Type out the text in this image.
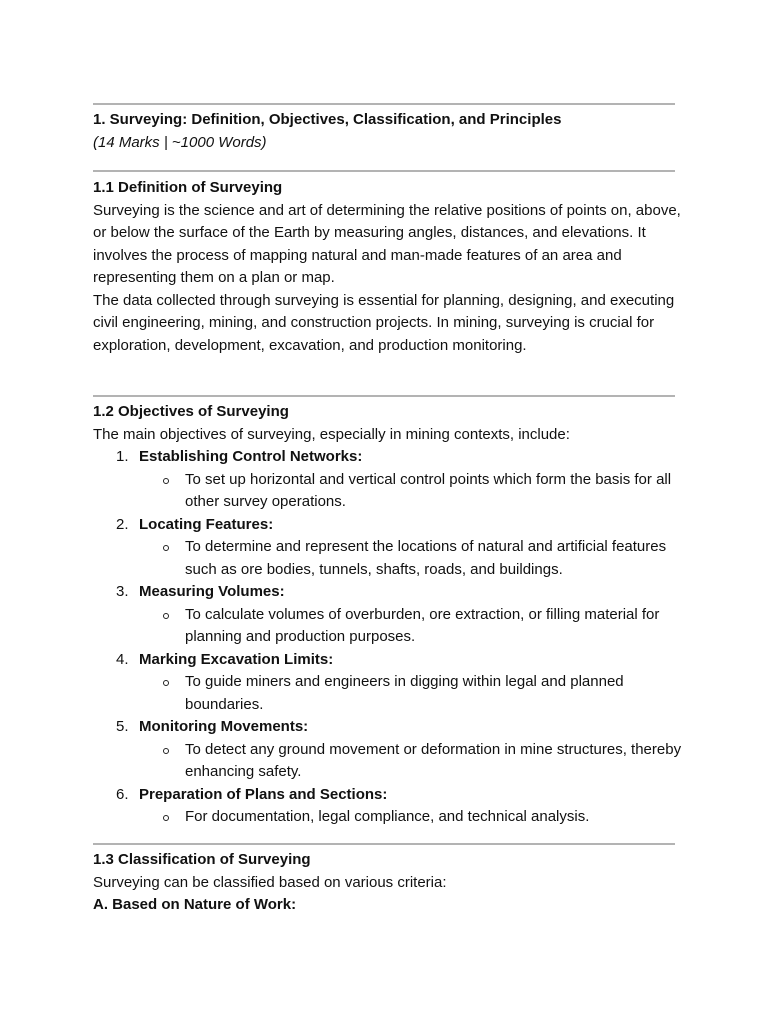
1. Surveying: Definition, Objectives, Classification, and Principles

(14 Marks | ~1000 Words)

1.1 Definition of Surveying

Surveying is the science and art of determining the relative positions of points on, above, or below the surface of the Earth by measuring angles, distances, and elevations. It involves the process of mapping natural and man-made features of an area and representing them on a plan or map.

The data collected through surveying is essential for planning, designing, and executing civil engineering, mining, and construction projects. In mining, surveying is crucial for exploration, development, excavation, and production monitoring.

1.2 Objectives of Surveying

The main objectives of surveying, especially in mining contexts, include:

1. Establishing Control Networks:
To set up horizontal and vertical control points which form the basis for all other survey operations.
2. Locating Features:
To determine and represent the locations of natural and artificial features such as ore bodies, tunnels, shafts, roads, and buildings.
3. Measuring Volumes:
To calculate volumes of overburden, ore extraction, or filling material for planning and production purposes.
4. Marking Excavation Limits:
To guide miners and engineers in digging within legal and planned boundaries.
5. Monitoring Movements:
To detect any ground movement or deformation in mine structures, thereby enhancing safety.
6. Preparation of Plans and Sections:
For documentation, legal compliance, and technical analysis.

1.3 Classification of Surveying

Surveying can be classified based on various criteria:

A. Based on Nature of Work:
